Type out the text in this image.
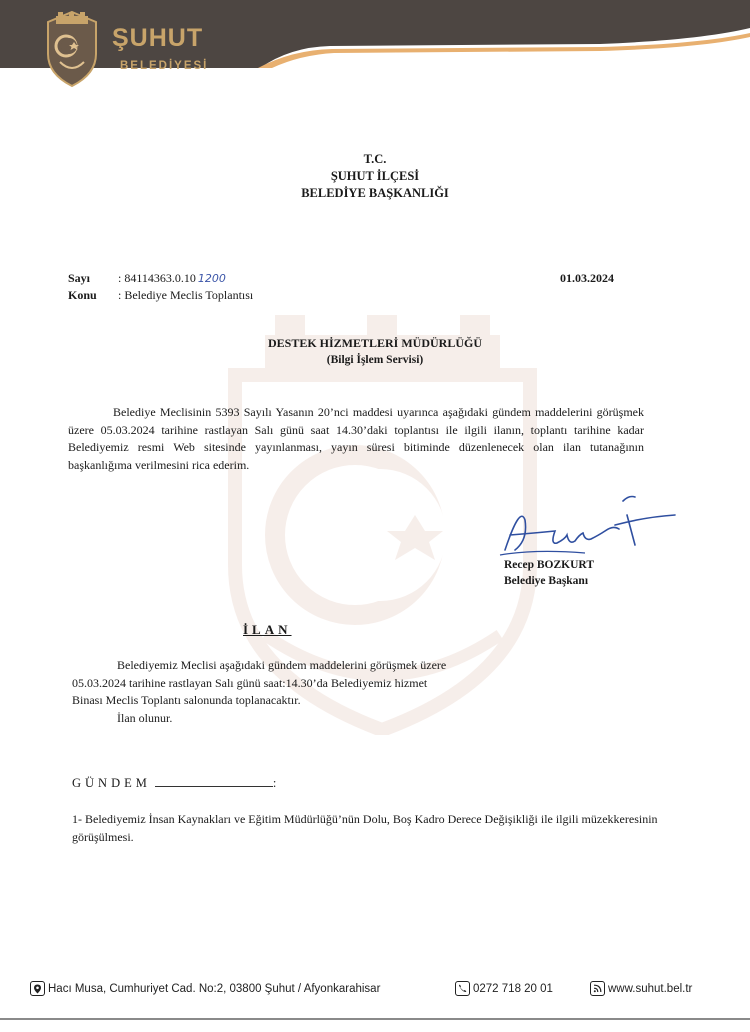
ŞUHUT
BELEDİYESİ
T.C.
ŞUHUT İLÇESİ
BELEDİYE BAŞKANLIĞI
Sayı : 84114363.0.10 1200
Konu : Belediye Meclis Toplantısı
01.03.2024
DESTEK HİZMETLERİ MÜDÜRLÜĞÜ
(Bilgi İşlem Servisi)
Belediye Meclisinin 5393 Sayılı Yasanın 20’nci maddesi uyarınca aşağıdaki gündem maddelerini görüşmek üzere 05.03.2024 tarihine rastlayan Salı günü saat 14.30’daki toplantısı ile ilgili ilanın, toplantı tarihine kadar Belediyemiz resmi Web sitesinde yayınlanması, yayın süresi bitiminde düzenlenecek olan ilan tutanağının başkanlığıma verilmesini rica ederim.
Recep BOZKURT
Belediye Başkanı
İLAN
Belediyemiz Meclisi aşağıdaki gündem maddelerini görüşmek üzere
05.03.2024 tarihine rastlayan Salı günü saat:14.30’da Belediyemiz hizmet
Binası Meclis Toplantı salonunda toplanacaktır.
İlan olunur.
GÜNDEM	:
1- Belediyemiz İnsan Kaynakları ve Eğitim Müdürlüğü’nün Dolu, Boş Kadro Derece Değişikliği ile ilgili müzekkeresinin görüşülmesi.
Hacı Musa, Cumhuriyet Cad. No:2, 03800 Şuhut / Afyonkarahisar	0272 718 20 01	www.suhut.bel.tr
